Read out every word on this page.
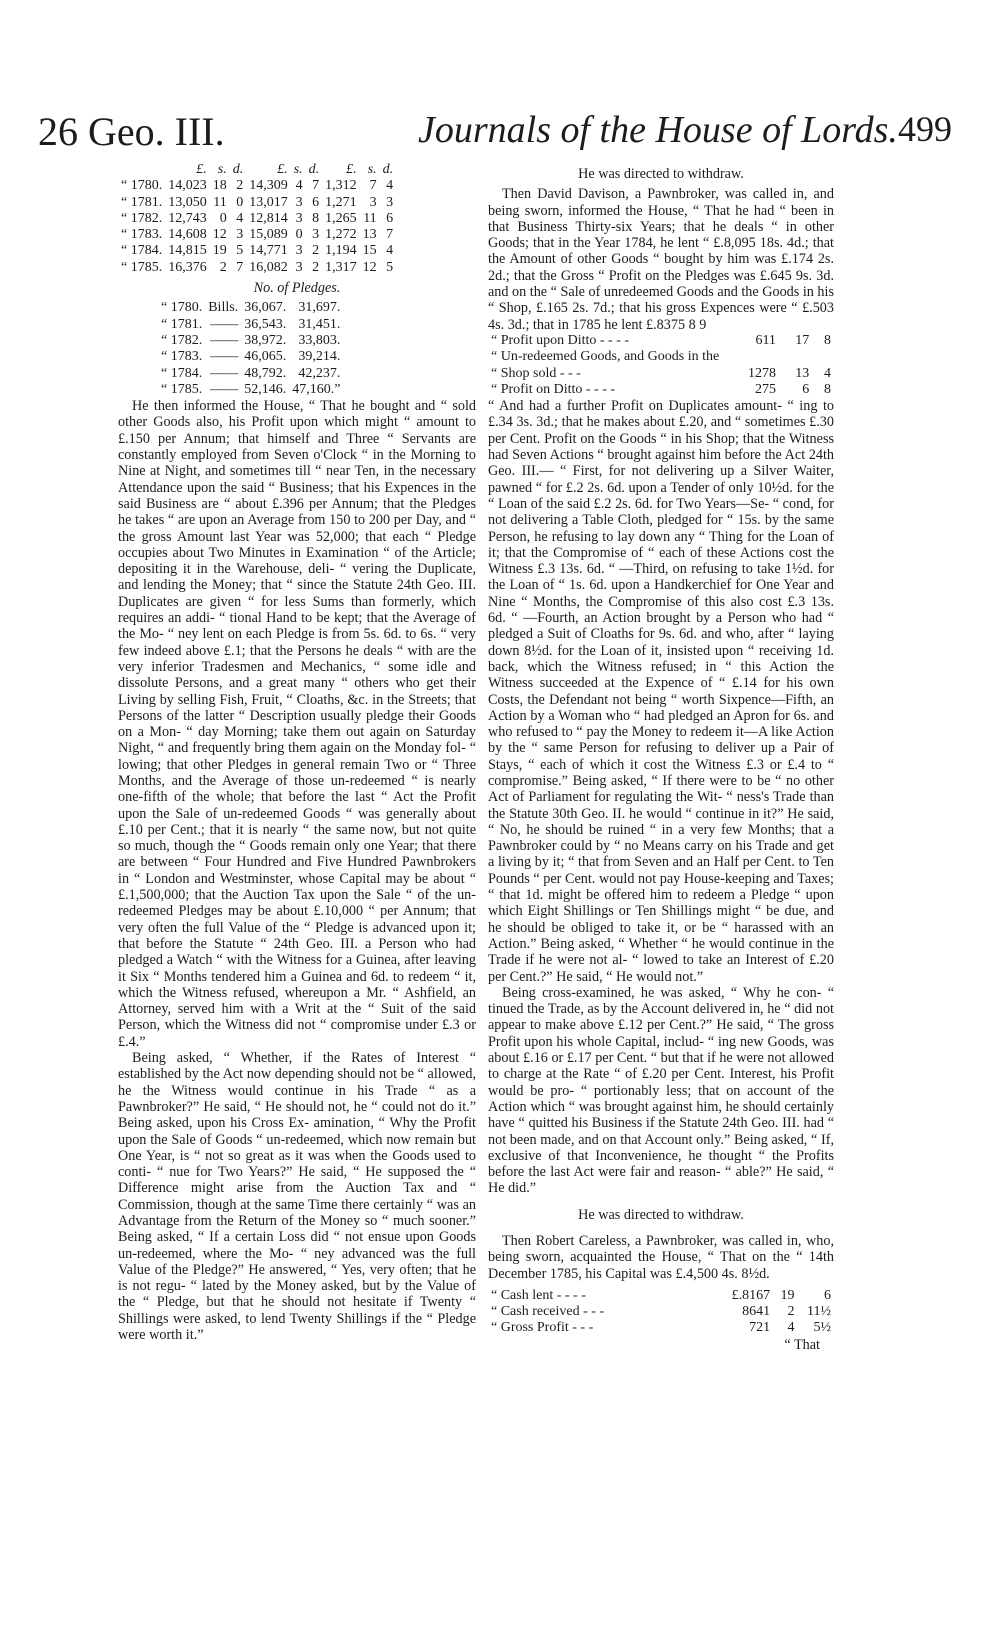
26 Geo. III.	Journals of the House of Lords. 499
	£.	s.	d.	£.	s.	d.	£.	s.	d.
“ 1780.	14,023	18	2	14,309	4	7	1,312	7	4
“ 1781.	13,050	11	0	13,017	3	6	1,271	3	3
“ 1782.	12,743	0	4	12,814	3	8	1,265	11	6
“ 1783.	14,608	12	3	15,089	0	3	1,272	13	7
“ 1784.	14,815	19	5	14,771	3	2	1,194	15	4
“ 1785.	16,376	2	7	16,082	3	2	1,317	12	5
No. of Pledges.
“ 1780.	Bills.	36,067.	31,697.
“ 1781.	——	36,543.	31,451.
“ 1782.	——	38,972.	33,803.
“ 1783.	——	46,065.	39,214.
“ 1784.	——	48,792.	42,237.
“ 1785.	——	52,146.	47,160.”

He then informed the House, “ That he bought and “ sold other Goods also, his Profit upon which might “ amount to £.150 per Annum; that himself and Three “ Servants are constantly employed from Seven o'Clock “ in the Morning to Nine at Night, and sometimes till “ near Ten, in the necessary Attendance upon the said “ Business; that his Expences in the said Business are “ about £.396 per Annum; that the Pledges he takes “ are upon an Average from 150 to 200 per Day, and “ the gross Amount last Year was 52,000; that each “ Pledge occupies about Two Minutes in Examination “ of the Article; depositing it in the Warehouse, deli- “ vering the Duplicate, and lending the Money; that “ since the Statute 24th Geo. III. Duplicates are given “ for less Sums than formerly, which requires an addi- “ tional Hand to be kept; that the Average of the Mo- “ ney lent on each Pledge is from 5s. 6d. to 6s. “ very few indeed above £.1; that the Persons he deals “ with are the very inferior Tradesmen and Mechanics, “ some idle and dissolute Persons, and a great many “ others who get their Living by selling Fish, Fruit, “ Cloaths, &c. in the Streets; that Persons of the latter “ Description usually pledge their Goods on a Mon- “ day Morning; take them out again on Saturday Night, “ and frequently bring them again on the Monday fol- “ lowing; that other Pledges in general remain Two or “ Three Months, and the Average of those un-redeemed “ is nearly one-fifth of the whole; that before the last “ Act the Profit upon the Sale of un-redeemed Goods “ was generally about £.10 per Cent.; that it is nearly “ the same now, but not quite so much, though the “ Goods remain only one Year; that there are between “ Four Hundred and Five Hundred Pawnbrokers in “ London and Westminster, whose Capital may be about “ £.1,500,000; that the Auction Tax upon the Sale “ of the un-redeemed Pledges may be about £.10,000 “ per Annum; that very often the full Value of the “ Pledge is advanced upon it; that before the Statute “ 24th Geo. III. a Person who had pledged a Watch “ with the Witness for a Guinea, after leaving it Six “ Months tendered him a Guinea and 6d. to redeem “ it, which the Witness refused, whereupon a Mr. “ Ashfield, an Attorney, served him with a Writ at the “ Suit of the said Person, which the Witness did not “ compromise under £.3 or £.4.”

Being asked, “ Whether, if the Rates of Interest “ established by the Act now depending should not be “ allowed, he the Witness would continue in his Trade “ as a Pawnbroker?” He said, “ He should not, he “ could not do it.” Being asked, upon his Cross Ex- amination, “ Why the Profit upon the Sale of Goods “ un-redeemed, which now remain but One Year, is “ not so great as it was when the Goods used to conti- “ nue for Two Years?” He said, “ He supposed the “ Difference might arise from the Auction Tax and “ Commission, though at the same Time there certainly “ was an Advantage from the Return of the Money so “ much sooner.” Being asked, “ If a certain Loss did “ not ensue upon Goods un-redeemed, where the Mo- “ ney advanced was the full Value of the Pledge?” He answered, “ Yes, very often; that he is not regu- “ lated by the Money asked, but by the Value of the “ Pledge, but that he should not hesitate if Twenty “ Shillings were asked, to lend Twenty Shillings if the “ Pledge were worth it.”

He was directed to withdraw.

Then David Davison, a Pawnbroker, was called in, and being sworn, informed the House, “ That he had “ been in that Business Thirty-six Years; that he deals “ in other Goods; that in the Year 1784, he lent “ £.8,095 18s. 4d.; that the Amount of other Goods “ bought by him was £.174 2s. 2d.; that the Gross “ Profit on the Pledges was £.645 9s. 3d. and on the “ Sale of unredeemed Goods and the Goods in his “ Shop, £.165 2s. 7d.; that his gross Expences were “ £.503 4s. 3d.; that in 1785 he lent £.8375 8 9

“ Profit upon Ditto - - - -	611	17	8
“ Un-redeemed Goods, and Goods in the			
“ Shop sold - - -	1278	13	4
“ Profit on Ditto - - - -	275	6	8

“ And had a further Profit on Duplicates amount- “ ing to £.34 3s. 3d.; that he makes about £.20, and “ sometimes £.30 per Cent. Profit on the Goods “ in his Shop; that the Witness had Seven Actions “ brought against him before the Act 24th Geo. III.— “ First, for not delivering up a Silver Waiter, pawned “ for £.2 2s. 6d. upon a Tender of only 10½d. for the “ Loan of the said £.2 2s. 6d. for Two Years—Se- “ cond, for not delivering a Table Cloth, pledged for “ 15s. by the same Person, he refusing to lay down any “ Thing for the Loan of it; that the Compromise of “ each of these Actions cost the Witness £.3 13s. 6d. “ —Third, on refusing to take 1½d. for the Loan of “ 1s. 6d. upon a Handkerchief for One Year and Nine “ Months, the Compromise of this also cost £.3 13s. 6d. “ —Fourth, an Action brought by a Person who had “ pledged a Suit of Cloaths for 9s. 6d. and who, after “ laying down 8½d. for the Loan of it, insisted upon “ receiving 1d. back, which the Witness refused; in “ this Action the Witness succeeded at the Expence of “ £.14 for his own Costs, the Defendant not being “ worth Sixpence—Fifth, an Action by a Woman who “ had pledged an Apron for 6s. and who refused to “ pay the Money to redeem it—A like Action by the “ same Person for refusing to deliver up a Pair of Stays, “ each of which it cost the Witness £.3 or £.4 to “ compromise.” Being asked, “ If there were to be “ no other Act of Parliament for regulating the Wit- “ ness's Trade than the Statute 30th Geo. II. he would “ continue in it?” He said, “ No, he should be ruined “ in a very few Months; that a Pawnbroker could by “ no Means carry on his Trade and get a living by it; “ that from Seven and an Half per Cent. to Ten Pounds “ per Cent. would not pay House-keeping and Taxes; “ that 1d. might be offered him to redeem a Pledge “ upon which Eight Shillings or Ten Shillings might “ be due, and he should be obliged to take it, or be “ harassed with an Action.” Being asked, “ Whether “ he would continue in the Trade if he were not al- “ lowed to take an Interest of £.20 per Cent.?” He said, “ He would not.”

Being cross-examined, he was asked, “ Why he con- “ tinued the Trade, as by the Account delivered in, he “ did not appear to make above £.12 per Cent.?” He said, “ The gross Profit upon his whole Capital, includ- “ ing new Goods, was about £.16 or £.17 per Cent. “ but that if he were not allowed to charge at the Rate “ of £.20 per Cent. Interest, his Profit would be pro- “ portionably less; that on account of the Action which “ was brought against him, he should certainly have “ quitted his Business if the Statute 24th Geo. III. had “ not been made, and on that Account only.” Being asked, “ If, exclusive of that Inconvenience, he thought “ the Profits before the last Act were fair and reason- “ able?” He said, “ He did.”

He was directed to withdraw.

Then Robert Careless, a Pawnbroker, was called in, who, being sworn, acquainted the House, “ That on the “ 14th December 1785, his Capital was £.4,500 4s. 8½d.

“ Cash lent - - - -	£.8167	19	6
“ Cash received - - -	8641	2	11½
“ Gross Profit - - -	721	4	5½
“ That
